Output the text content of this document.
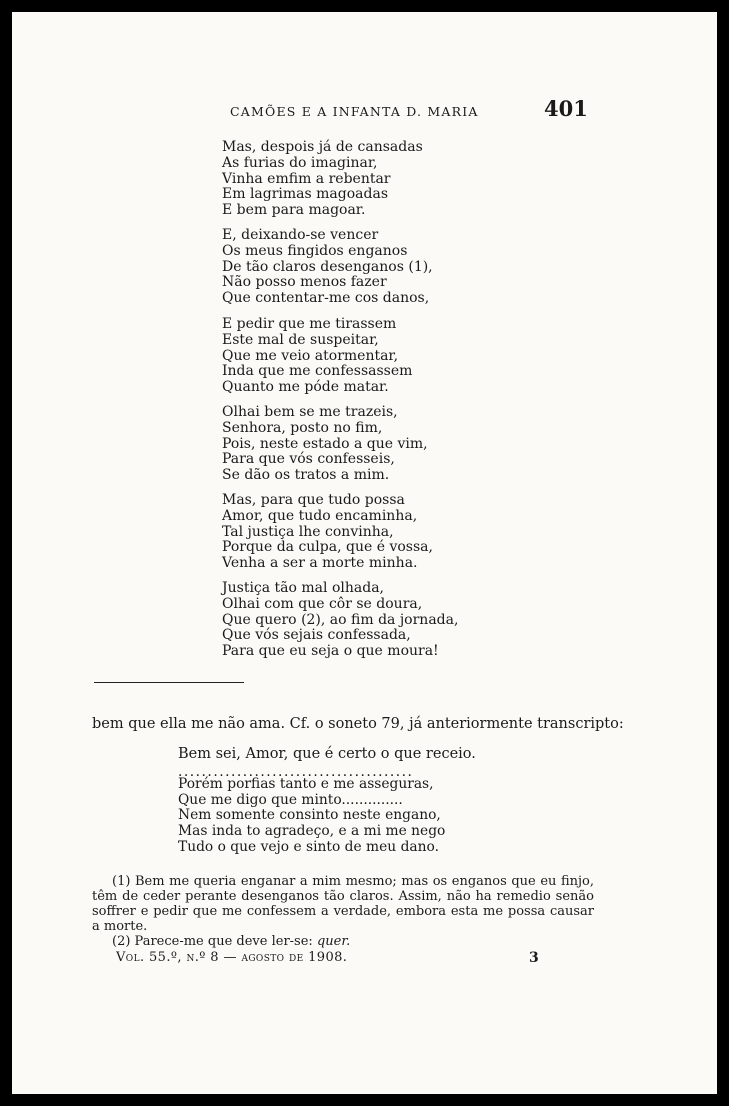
CAMÕES E A INFANTA D. MARIA	401
Mas, despois já de cansadas
As furias do imaginar,
Vinha emfim a rebentar
Em lagrimas magoadas
E bem para magoar.
E, deixando-se vencer
Os meus fingidos enganos
De tão claros desenganos (1),
Não posso menos fazer
Que contentar-me cos danos,
E pedir que me tirassem
Este mal de suspeitar,
Que me veio atormentar,
Inda que me confessassem
Quanto me póde matar.
Olhai bem se me trazeis,
Senhora, posto no fim,
Pois, neste estado a que vim,
Para que vós confesseis,
Se dão os tratos a mim.
Mas, para que tudo possa
Amor, que tudo encaminha,
Tal justiça lhe convinha,
Porque da culpa, que é vossa,
Venha a ser a morte minha.
Justiça tão mal olhada,
Olhai com que côr se doura,
Que quero (2), ao fim da jornada,
Que vós sejais confessada,
Para que eu seja o que moura!
bem que ella me não ama. Cf. o soneto 79, já anteriormente transcripto:
Bem sei, Amor, que é certo o que receio.
........................................
Porém porfias tanto e me asseguras,
Que me digo que minto..............
Nem somente consinto neste engano,
Mas inda to agradeço, e a mi me nego
Tudo o que vejo e sinto de meu dano.

(1) Bem me queria enganar a mim mesmo; mas os enganos que eu finjo, têm de ceder perante desenganos tão claros. Assim, não ha remedio senão soffrer e pedir que me confessem a verdade, embora esta me possa causar a morte.

(2) Parece-me que deve ler-se: quer.

Vol. 55.º, n.º 8 — agosto de 1908.	3
